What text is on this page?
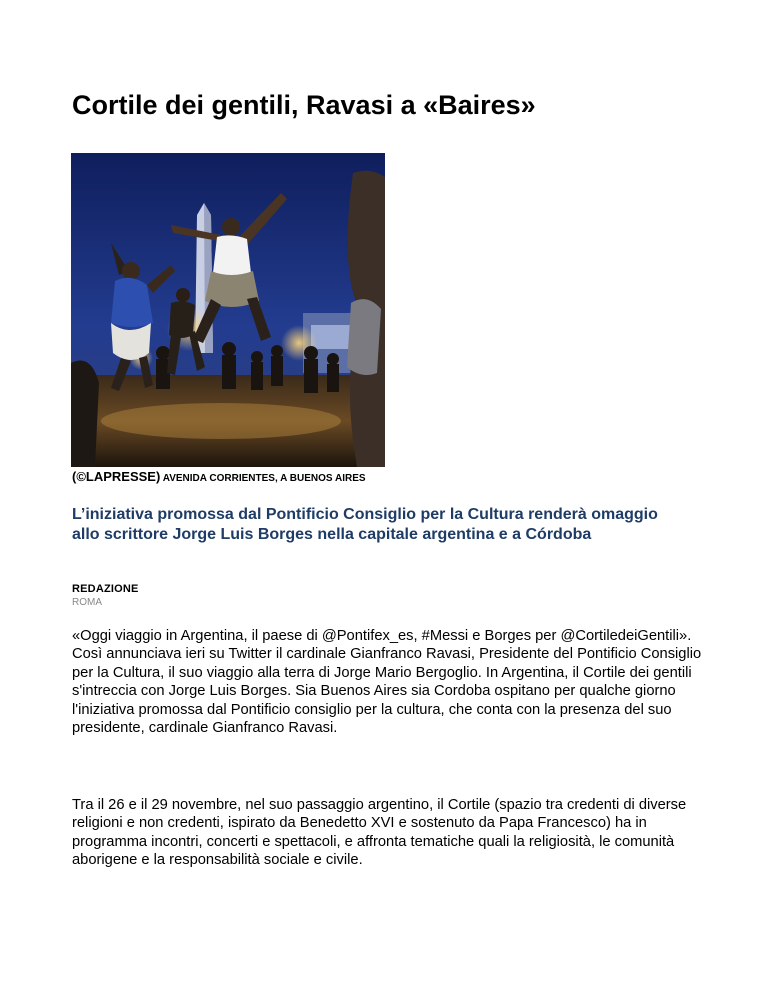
Cortile dei gentili, Ravasi a «Baires»
(©LAPRESSE) AVENIDA CORRIENTES, A BUENOS AIRES
L’iniziativa promossa dal Pontificio Consiglio per la Cultura renderà omaggio allo scrittore Jorge Luis Borges nella capitale argentina e a Córdoba
REDAZIONE
ROMA

«Oggi viaggio in Argentina, il paese di @Pontifex_es, #Messi e Borges per @CortiledeiGentili». Così annunciava ieri su Twitter il cardinale Gianfranco Ravasi, Presidente del Pontificio Consiglio per la Cultura, il suo viaggio alla terra di Jorge Mario Bergoglio. In Argentina, il Cortile dei gentili s'intreccia con Jorge Luis Borges. Sia Buenos Aires sia Cordoba ospitano per qualche giorno l'iniziativa promossa dal Pontificio consiglio per la cultura, che conta con la presenza del suo presidente, cardinale Gianfranco Ravasi.

Tra il 26 e il 29 novembre, nel suo passaggio argentino, il Cortile (spazio tra credenti di diverse religioni e non credenti, ispirato da Benedetto XVI e sostenuto da Papa Francesco) ha in programma incontri, concerti e spettacoli, e affronta tematiche quali la religiosità, le comunità aborigene e la responsabilità sociale e civile.
